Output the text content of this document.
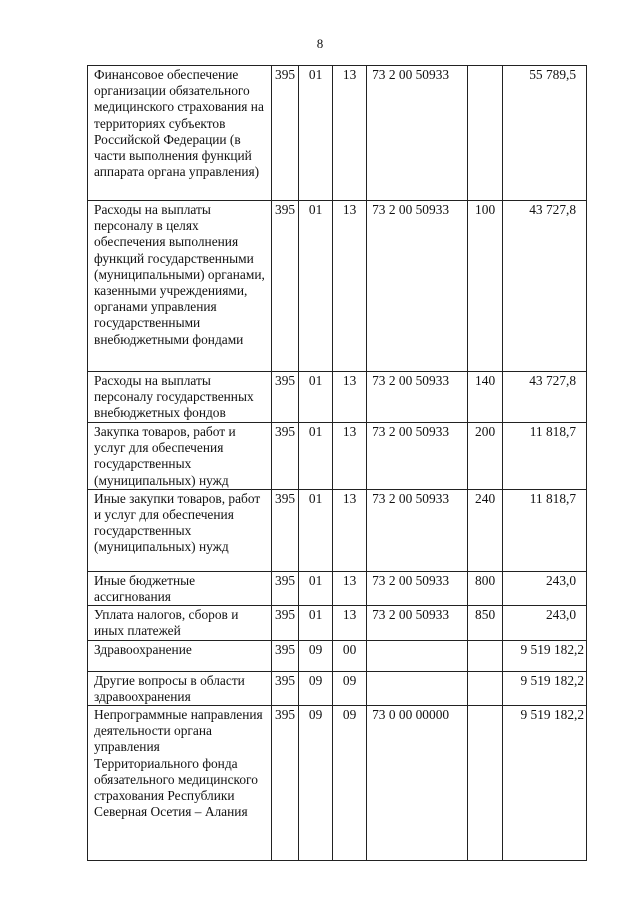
8
Финансовое обеспечение организации обязательного медицинского страхования на территориях субъектов Российской Федерации (в части выполнения функций аппарата органа управления)	395	01	13	73 2 00 50933		55 789,5
Расходы на выплаты персоналу в целях обеспечения выполнения функций государственными (муниципальными) органами, казенными учреждениями, органами управления государственными внебюджетными фондами	395	01	13	73 2 00 50933	100	43 727,8
Расходы на выплаты персоналу государственных внебюджетных фондов	395	01	13	73 2 00 50933	140	43 727,8
Закупка товаров, работ и услуг для обеспечения государственных (муниципальных) нужд	395	01	13	73 2 00 50933	200	11 818,7
Иные закупки товаров, работ и услуг для обеспечения государственных (муниципальных) нужд	395	01	13	73 2 00 50933	240	11 818,7
Иные бюджетные ассигнования	395	01	13	73 2 00 50933	800	243,0
Уплата налогов, сборов и иных платежей	395	01	13	73 2 00 50933	850	243,0
Здравоохранение	395	09	00			9 519 182,2
Другие вопросы в области здравоохранения	395	09	09			9 519 182,2
Непрограммные направления деятельности органа управления Территориального фонда обязательного медицинского страхования Республики Северная Осетия – Алания	395	09	09	73 0 00 00000		9 519 182,2
